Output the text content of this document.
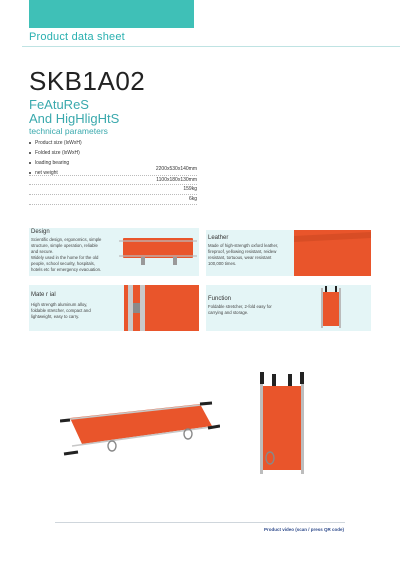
Product data sheet
SKB1A02
FeAtuReS
And HigHligHtS
technical parameters
Product size (lxWxH)
Folded size (lxWxH)
loading bearing
2200x530x140mm
net weight
1100x180x130mm
159kg
6kg
Design
Scientific design, ergonomics, simple
structure, simple operation, reliable
and secure.
Widely used in the home for the old
people, school security, hospitals,
hotels etc for emergency evacuation.
Leather
Made of high-strength oxford leather,
fireproof, yellowing resistant, reidew
resistant, tortuous, wear resistant
100,000 times.
Mate r ial
High strength aluminum alloy,
foldable stretcher, compact and
lightweight, easy to carry.
Function
Foldable stretcher, 2-fold easy for
carrying and storage.
Product video (scan / press QR code)
